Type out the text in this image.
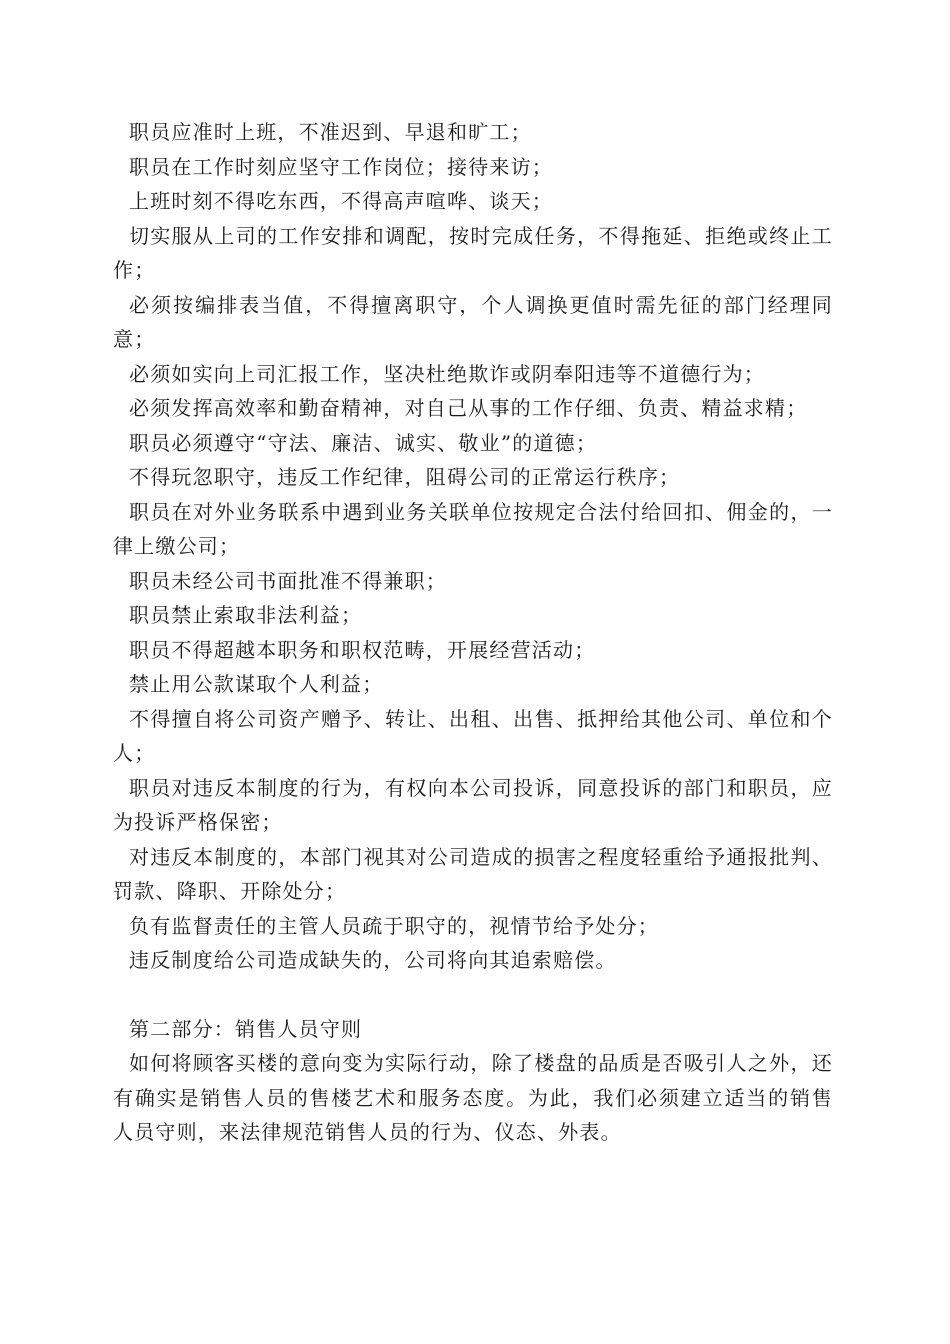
职员应准时上班，不准迟到、早退和旷工；

职员在工作时刻应坚守工作岗位；接待来访；

上班时刻不得吃东西，不得高声喧哗、谈天；

切实服从上司的工作安排和调配，按时完成任务，不得拖延、拒绝或终止工作；

必须按编排表当值，不得擅离职守，个人调换更值时需先征的部门经理同意；

必须如实向上司汇报工作，坚决杜绝欺诈或阴奉阳违等不道德行为；

必须发挥高效率和勤奋精神，对自己从事的工作仔细、负责、精益求精；

职员必须遵守“守法、廉洁、诚实、敬业”的道德；

不得玩忽职守，违反工作纪律，阻碍公司的正常运行秩序；

职员在对外业务联系中遇到业务关联单位按规定合法付给回扣、佣金的，一律上缴公司；

职员未经公司书面批准不得兼职；

职员禁止索取非法利益；

职员不得超越本职务和职权范畴，开展经营活动；

禁止用公款谋取个人利益；

不得擅自将公司资产赠予、转让、出租、出售、抵押给其他公司、单位和个人；

职员对违反本制度的行为，有权向本公司投诉，同意投诉的部门和职员，应为投诉严格保密；

对违反本制度的，本部门视其对公司造成的损害之程度轻重给予通报批判、罚款、降职、开除处分；

负有监督责任的主管人员疏于职守的，视情节给予处分；

违反制度给公司造成缺失的，公司将向其追索赔偿。

第二部分：销售人员守则

如何将顾客买楼的意向变为实际行动，除了楼盘的品质是否吸引人之外，还有确实是销售人员的售楼艺术和服务态度。为此，我们必须建立适当的销售人员守则，来法律规范销售人员的行为、仪态、外表。
